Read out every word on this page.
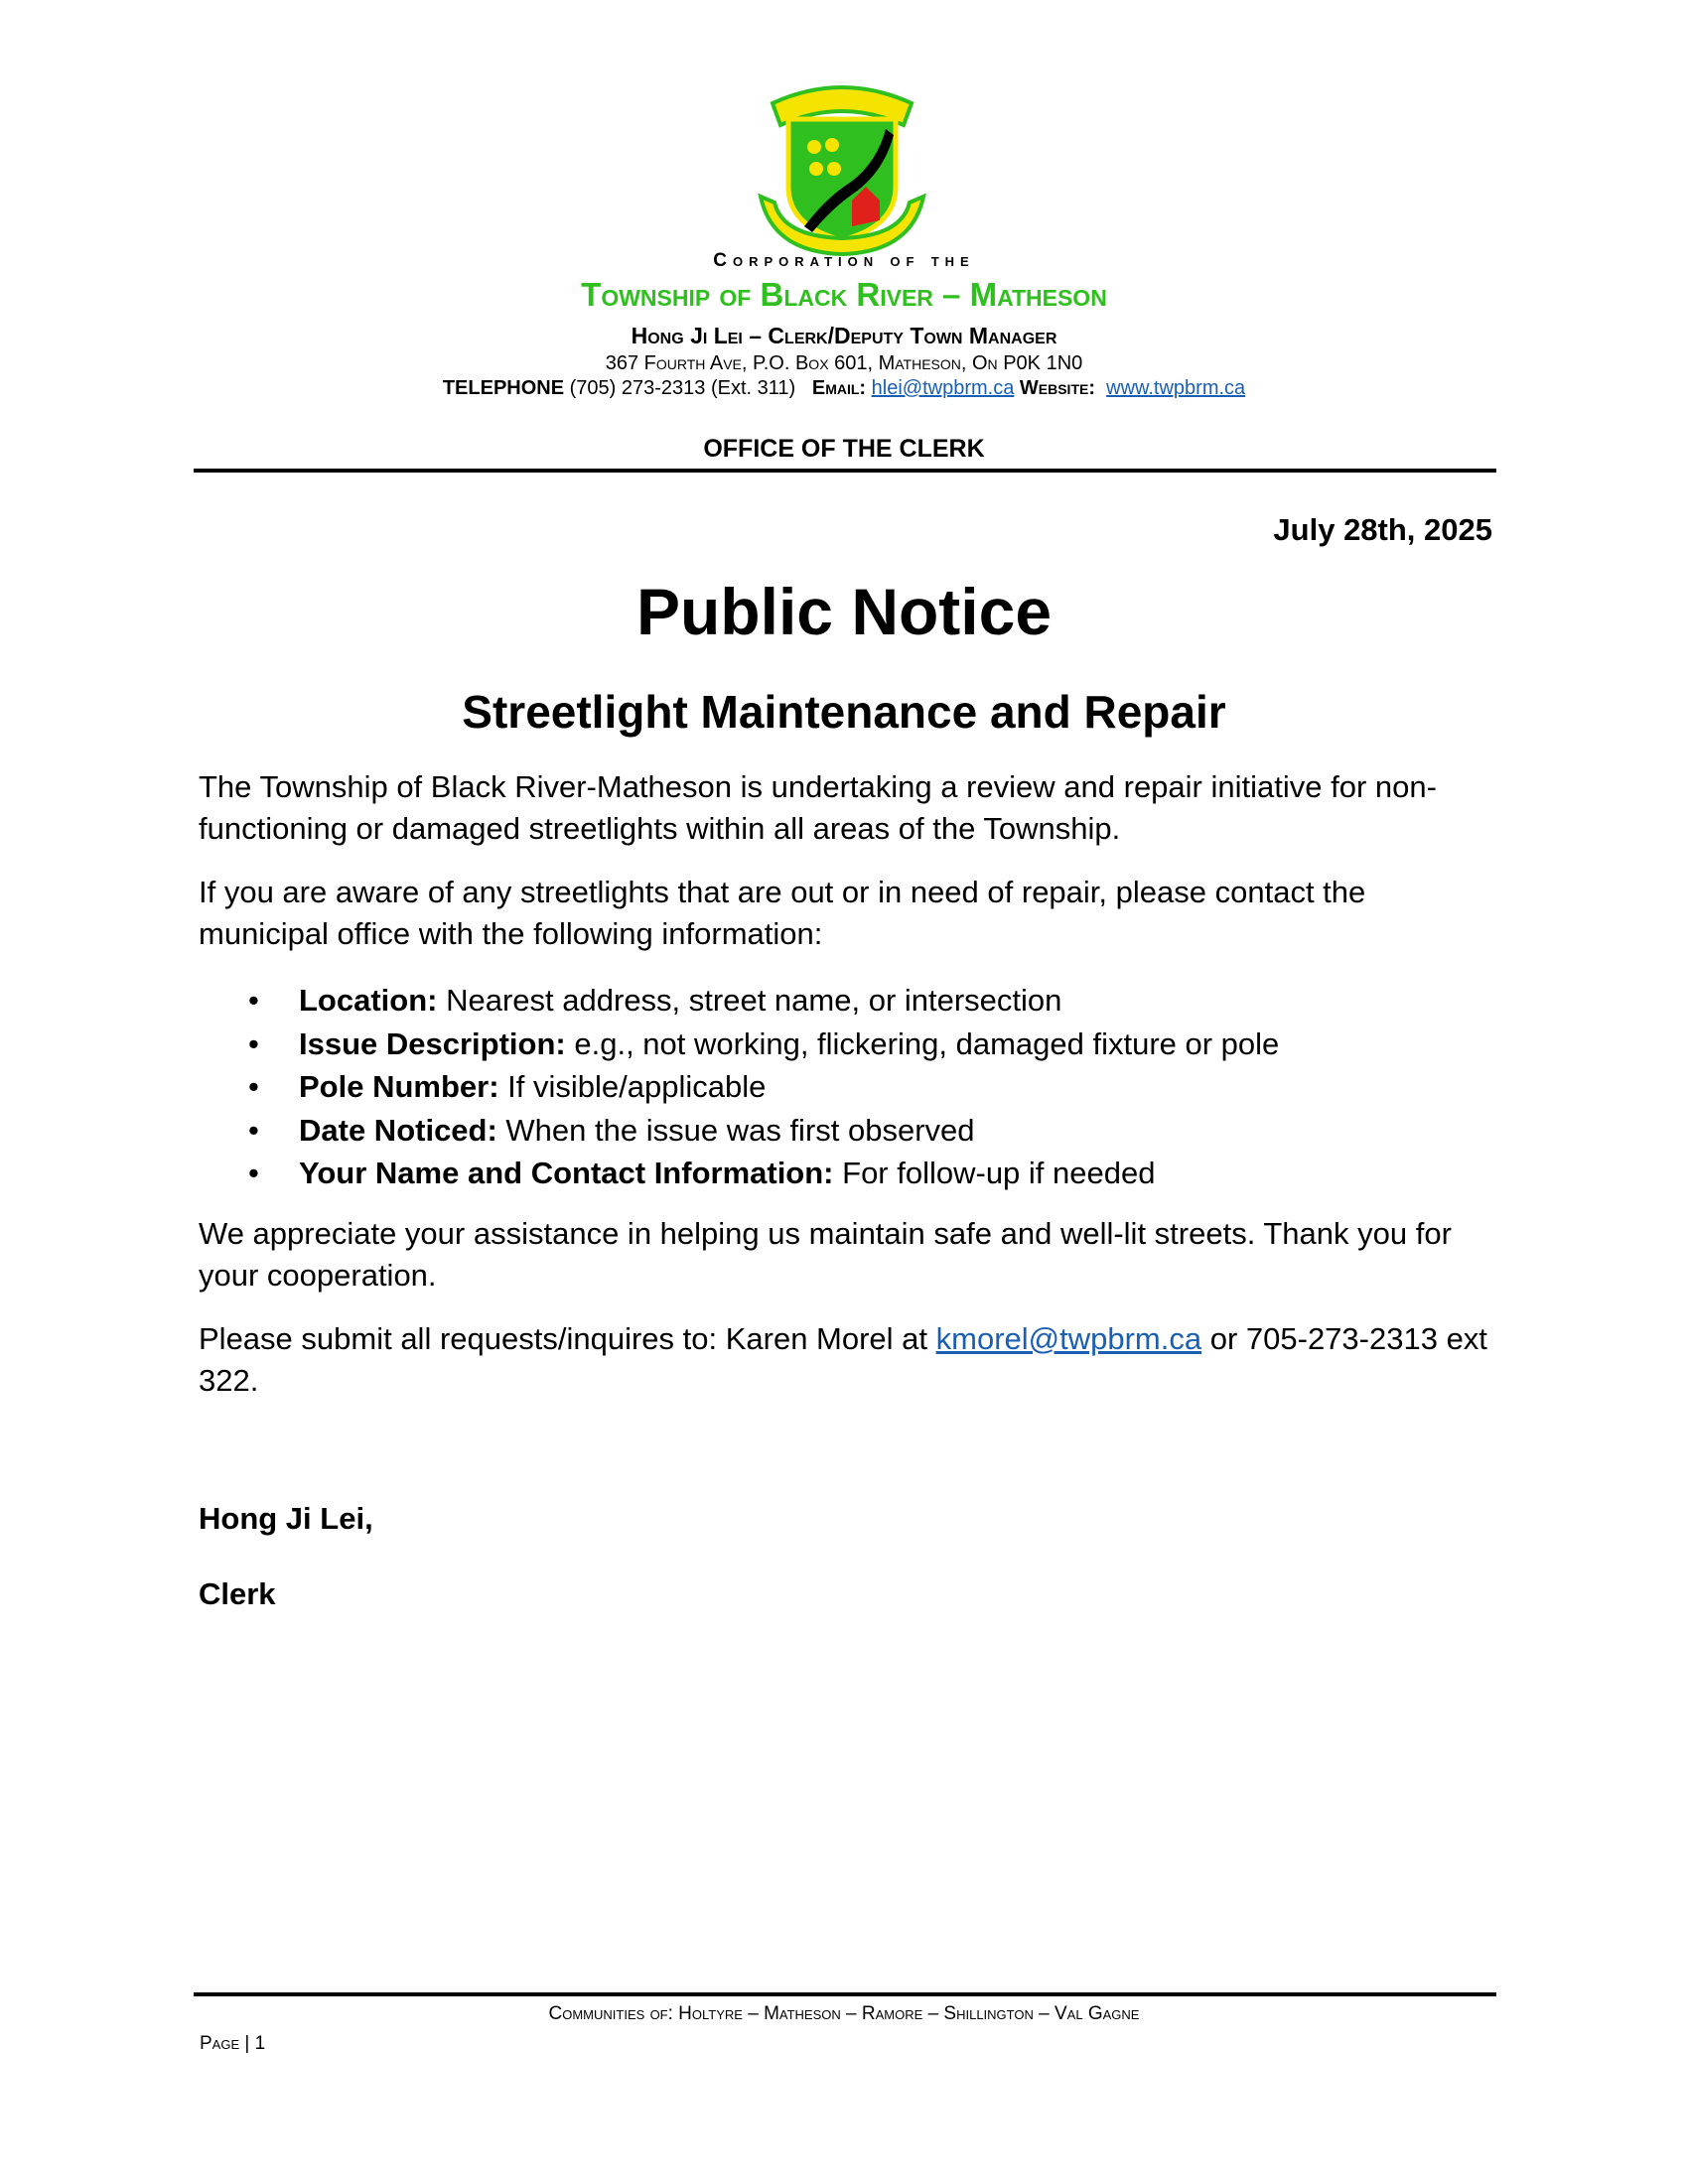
Corporation of the
Township of Black River – Matheson
Hong Ji Lei – Clerk/Deputy Town Manager
367 Fourth Ave, P.O. Box 601, Matheson, On P0K 1N0
TELEPHONE (705) 273-2313 (Ext. 311) Email: hlei@twpbrm.ca Website: www.twpbrm.ca
OFFICE OF THE CLERK
July 28th, 2025
Public Notice
Streetlight Maintenance and Repair
The Township of Black River-Matheson is undertaking a review and repair initiative for non-functioning or damaged streetlights within all areas of the Township.
If you are aware of any streetlights that are out or in need of repair, please contact the municipal office with the following information:
• Location: Nearest address, street name, or intersection
• Issue Description: e.g., not working, flickering, damaged fixture or pole
• Pole Number: If visible/applicable
• Date Noticed: When the issue was first observed
• Your Name and Contact Information: For follow-up if needed
We appreciate your assistance in helping us maintain safe and well-lit streets. Thank you for your cooperation.
Please submit all requests/inquires to: Karen Morel at kmorel@twpbrm.ca or 705-273-2313 ext 322.
Hong Ji Lei,
Clerk
Communities of: Holtyre – Matheson – Ramore – Shillington – Val Gagne
Page | 1
